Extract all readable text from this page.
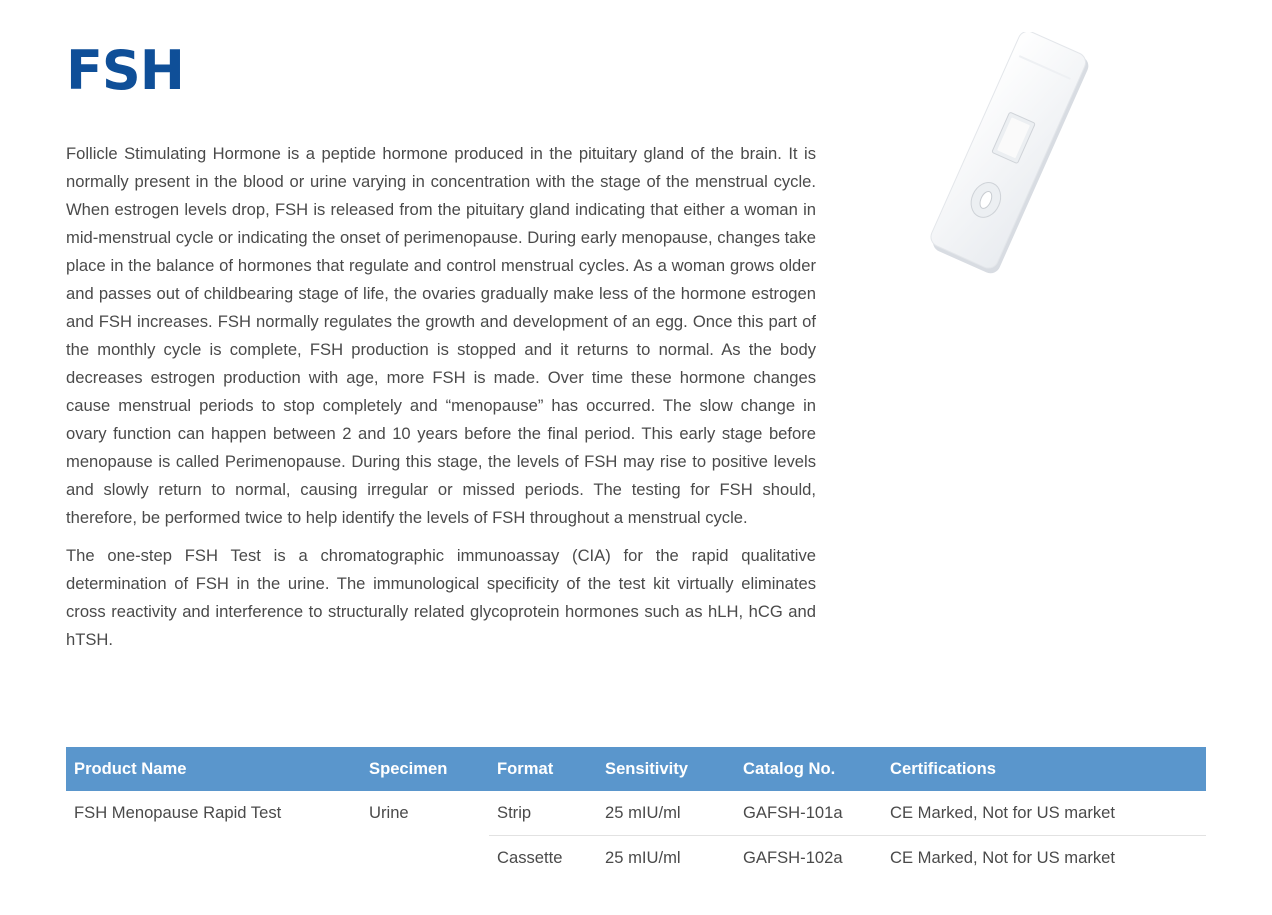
FSH

Follicle Stimulating Hormone is a peptide hormone produced in the pituitary gland of the brain. It is normally present in the blood or urine varying in concentration with the stage of the menstrual cycle. When estrogen levels drop, FSH is released from the pituitary gland indicating that either a woman in mid-menstrual cycle or indicating the onset of perimenopause. During early menopause, changes take place in the balance of hormones that regulate and control menstrual cycles. As a woman grows older and passes out of childbearing stage of life, the ovaries gradually make less of the hormone estrogen and FSH increases. FSH normally regulates the growth and development of an egg. Once this part of the monthly cycle is complete, FSH production is stopped and it returns to normal. As the body decreases estrogen production with age, more FSH is made. Over time these hormone changes cause menstrual periods to stop completely and “menopause” has occurred. The slow change in ovary function can happen between 2 and 10 years before the final period. This early stage before menopause is called Perimenopause. During this stage, the levels of FSH may rise to positive levels and slowly return to normal, causing irregular or missed periods. The testing for FSH should, therefore, be performed twice to help identify the levels of FSH throughout a menstrual cycle.

The one-step FSH Test is a chromatographic immunoassay (CIA) for the rapid qualitative determination of FSH in the urine. The immunological specificity of the test kit virtually eliminates cross reactivity and interference to structurally related glycoprotein hormones such as hLH, hCG and hTSH.

Product Name	Specimen	Format	Sensitivity	Catalog No.	Certifications
FSH Menopause Rapid Test	Urine	Strip	25 mIU/ml	GAFSH-101a	CE Marked, Not for US market
		Cassette	25 mIU/ml	GAFSH-102a	CE Marked, Not for US market
